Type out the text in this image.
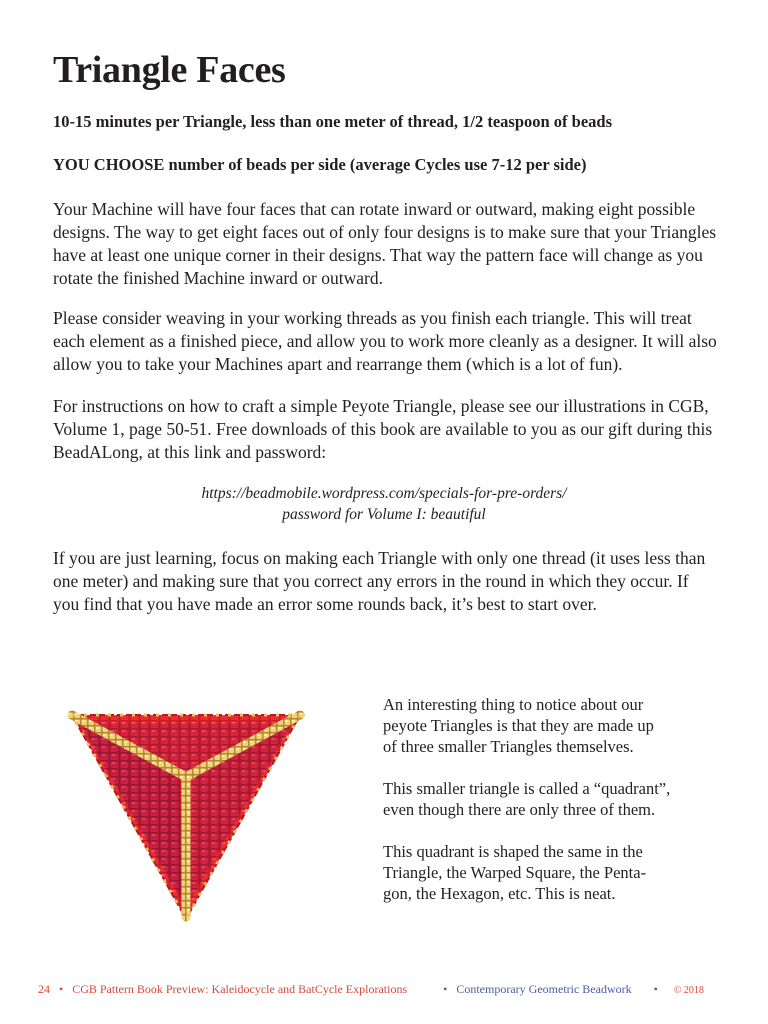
Triangle Faces

10-15 minutes per Triangle, less than one meter of thread, 1/2 teaspoon of beads

YOU CHOOSE number of beads per side (average Cycles use 7-12 per side)

Your Machine will have four faces that can rotate inward or outward, making eight possible
designs. The way to get eight faces out of only four designs is to make sure that your Triangles
have at least one unique corner in their designs. That way the pattern face will change as you
rotate the finished Machine inward or outward.
Please consider weaving in your working threads as you finish each triangle. This will treat
each element as a finished piece, and allow you to work more cleanly as a designer. It will also
allow you to take your Machines apart and rearrange them (which is a lot of fun).
For instructions on how to craft a simple Peyote Triangle, please see our illustrations in CGB,
Volume 1, page 50-51. Free downloads of this book are available to you as our gift during this
BeadALong, at this link and password:
https://beadmobile.wordpress.com/specials-for-pre-orders/
password for Volume I: beautiful
If you are just learning, focus on making each Triangle with only one thread (it uses less than
one meter) and making sure that you correct any errors in the round in which they occur. If
you find that you have made an error some rounds back, it’s best to start over.

An interesting thing to notice about our
peyote Triangles is that they are made up
of three smaller Triangles themselves.

This smaller triangle is called a “quadrant”,
even though there are only three of them.

This quadrant is shaped the same in the
Triangle, the Warped Square, the Penta-
gon, the Hexagon, etc. This is neat.

24 • CGB Pattern Book Preview: Kaleidocycle and BatCycle Explorations	• Contemporary Geometric Beadwork • © 2018
